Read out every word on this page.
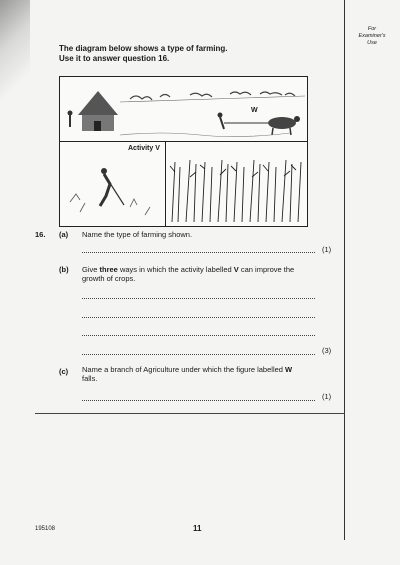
For
Examiner's
Use
The diagram below shows a type of farming.
Use it to answer question 16.
W
Activity V
16. (a) Name the type of farming shown.
(1)
(b) Give three ways in which the activity labelled V can improve the
growth of crops.
(3)
(c) Name a branch of Agriculture under which the figure labelled W
falls.
(1)
195108	11
